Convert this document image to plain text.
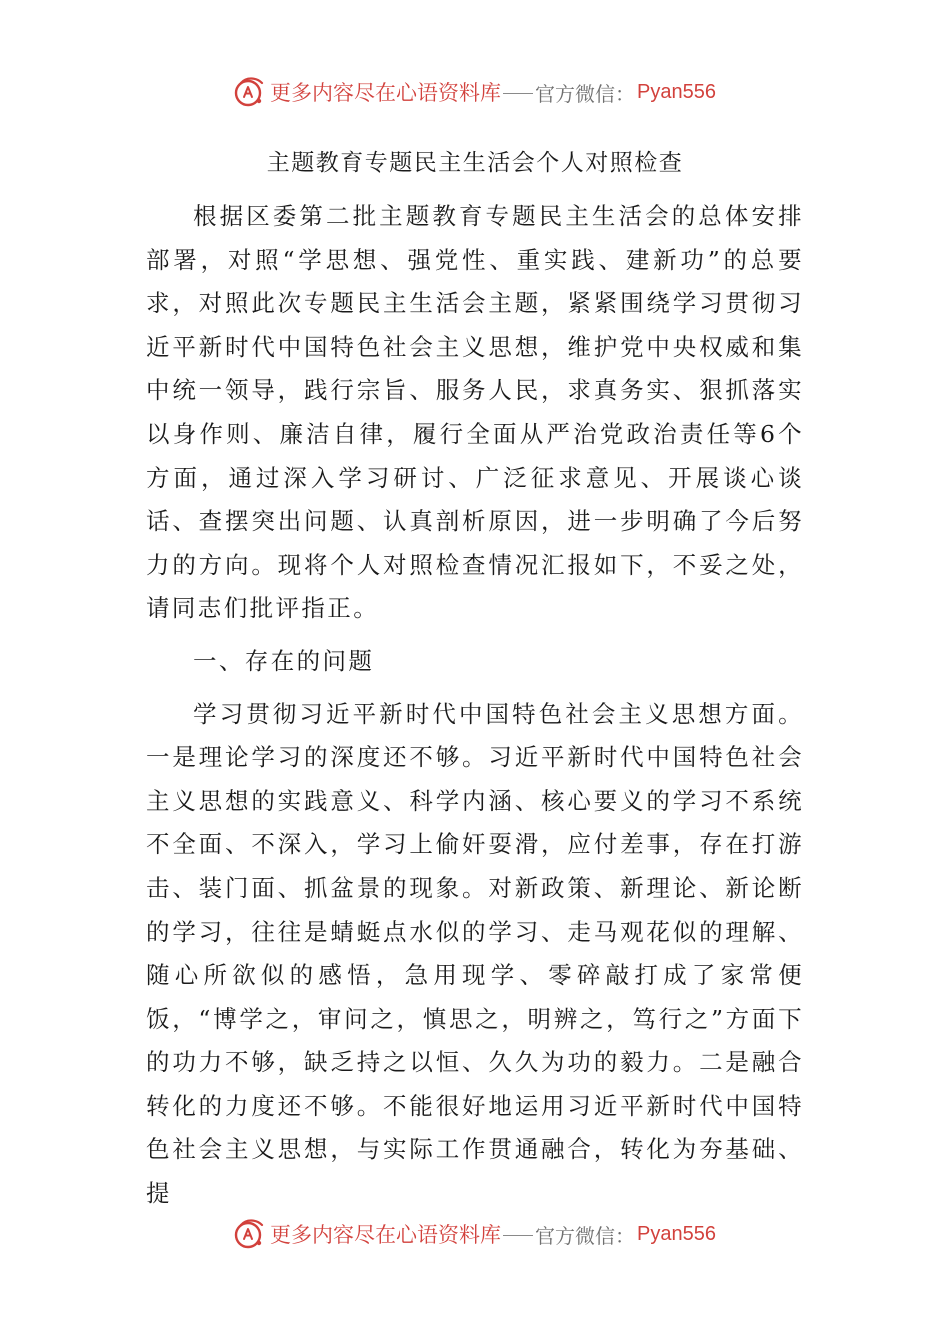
更多内容尽在心语资料库 官方微信： Pyan556
主题教育专题民主生活会个人对照检查

根据区委第二批主题教育专题民主生活会的总体安排部署，对照“学思想、强党性、重实践、建新功”的总要求，对照此次专题民主生活会主题，紧紧围绕学习贯彻习近平新时代中国特色社会主义思想，维护党中央权威和集中统一领导，践行宗旨、服务人民，求真务实、狠抓落实以身作则、廉洁自律，履行全面从严治党政治责任等6个方面，通过深入学习研讨、广泛征求意见、开展谈心谈话、查摆突出问题、认真剖析原因，进一步明确了今后努力的方向。现将个人对照检查情况汇报如下，不妥之处，请同志们批评指正。

一、存在的问题

学习贯彻习近平新时代中国特色社会主义思想方面。一是理论学习的深度还不够。习近平新时代中国特色社会主义思想的实践意义、科学内涵、核心要义的学习不系统不全面、不深入，学习上偷奸耍滑，应付差事，存在打游击、装门面、抓盆景的现象。对新政策、新理论、新论断的学习，往往是蜻蜓点水似的学习、走马观花似的理解、随心所欲似的感悟，急用现学、零碎敲打成了家常便饭，“博学之，审问之，慎思之，明辨之，笃行之”方面下的功力不够，缺乏持之以恒、久久为功的毅力。二是融合转化的力度还不够。不能很好地运用习近平新时代中国特色社会主义思想，与实际工作贯通融合，转化为夯基础、提

更多内容尽在心语资料库 官方微信： Pyan556
